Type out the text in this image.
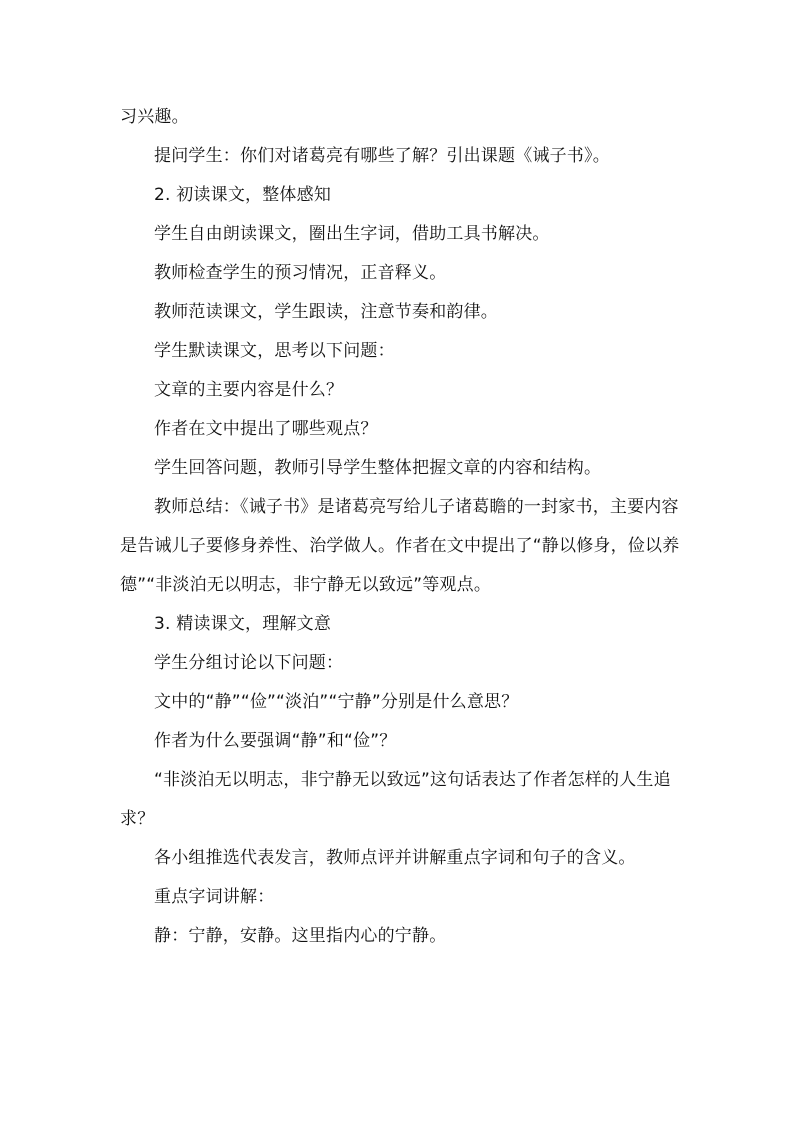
习兴趣。

提问学生：你们对诸葛亮有哪些了解？引出课题《诫子书》。

2. 初读课文，整体感知

学生自由朗读课文，圈出生字词，借助工具书解决。

教师检查学生的预习情况，正音释义。

教师范读课文，学生跟读，注意节奏和韵律。

学生默读课文，思考以下问题：

文章的主要内容是什么？

作者在文中提出了哪些观点？

学生回答问题，教师引导学生整体把握文章的内容和结构。

教师总结：《诫子书》是诸葛亮写给儿子诸葛瞻的一封家书，主要内容是告诫儿子要修身养性、治学做人。作者在文中提出了“静以修身，俭以养德”“非淡泊无以明志，非宁静无以致远”等观点。

3. 精读课文，理解文意

学生分组讨论以下问题：

文中的“静”“俭”“淡泊”“宁静”分别是什么意思？

作者为什么要强调“静”和“俭”？

“非淡泊无以明志，非宁静无以致远”这句话表达了作者怎样的人生追求？

各小组推选代表发言，教师点评并讲解重点字词和句子的含义。

重点字词讲解：

静：宁静，安静。这里指内心的宁静。
